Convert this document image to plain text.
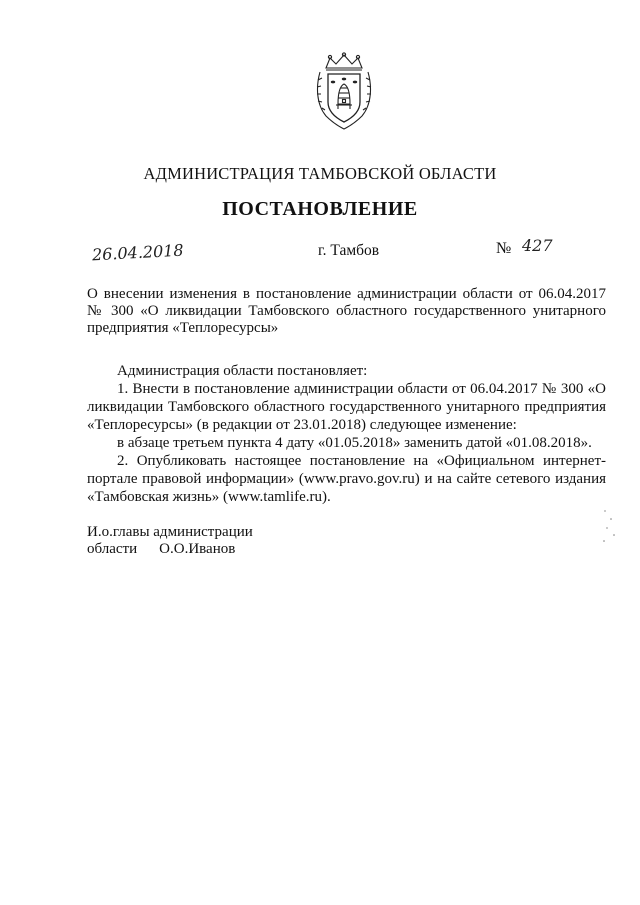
АДМИНИСТРАЦИЯ ТАМБОВСКОЙ ОБЛАСТИ
ПОСТАНОВЛЕНИЕ
26.04.2018	г. Тамбов	№ 427
О внесении изменения в постановление администрации области от 06.04.2017 № 300 «О ликвидации Тамбовского областного государственного унитарного предприятия «Теплоресурсы»

Администрация области постановляет:

1. Внести в постановление администрации области от 06.04.2017 № 300 «О ликвидации Тамбовского областного государственного унитарного предприятия «Теплоресурсы» (в редакции от 23.01.2018) следующее изменение:

в абзаце третьем пункта 4 дату «01.05.2018» заменить датой «01.08.2018».

2. Опубликовать настоящее постановление на «Официальном интернет-портале правовой информации» (www.pravo.gov.ru) и на сайте сетевого издания «Тамбовская жизнь» (www.tamlife.ru).

И.о.главы администрации
области О.О.Иванов
